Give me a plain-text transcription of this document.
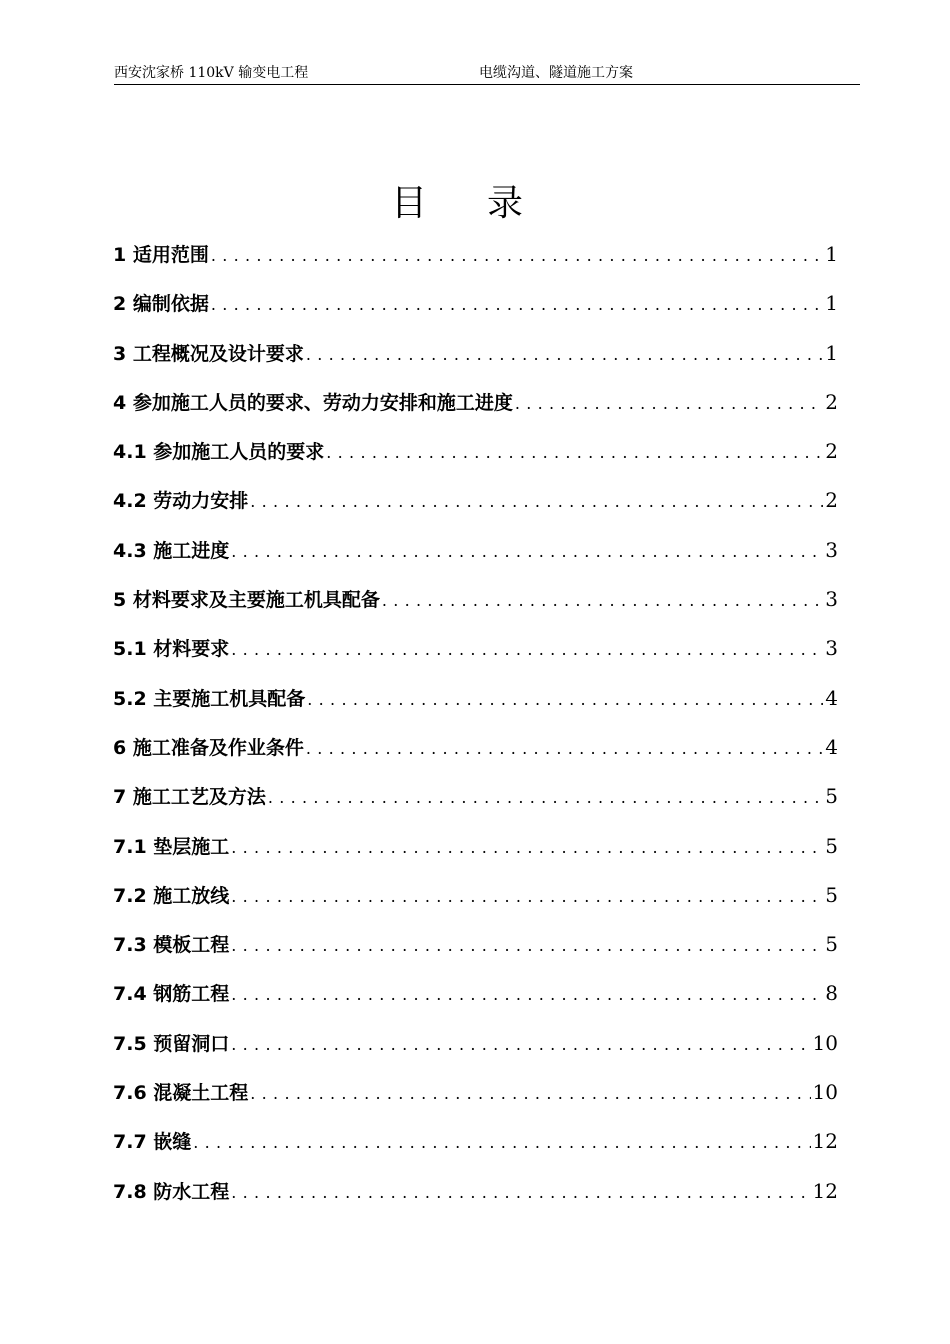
西安沈家桥 110kV 输变电工程	电缆沟道、隧道施工方案
目录
1 适用范围 .....	1
2 编制依据 .....	1
3 工程概况及设计要求 .....	1
4 参加施工人员的要求、劳动力安排和施工进度 .....	2
4.1 参加施工人员的要求 .....	2
4.2 劳动力安排 .....	2
4.3 施工进度 .....	3
5 材料要求及主要施工机具配备 .....	3
5.1 材料要求 .....	3
5.2 主要施工机具配备 .....	4
6 施工准备及作业条件 .....	4
7 施工工艺及方法 .....	5
7.1 垫层施工 .....	5
7.2 施工放线 .....	5
7.3 模板工程 .....	5
7.4 钢筋工程 .....	8
7.5 预留洞口 .....	10
7.6 混凝土工程 .....	10
7.7 嵌缝 .....	12
7.8 防水工程 .....	12
